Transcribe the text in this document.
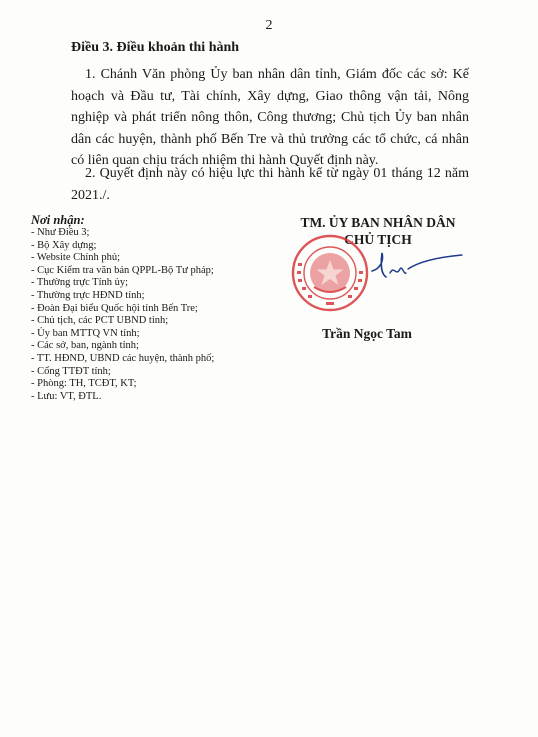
2
Điều 3. Điều khoản thi hành

1. Chánh Văn phòng Ủy ban nhân dân tỉnh, Giám đốc các sở: Kế hoạch và Đầu tư, Tài chính, Xây dựng, Giao thông vận tải, Nông nghiệp và phát triển nông thôn, Công thương; Chủ tịch Ủy ban nhân dân các huyện, thành phố Bến Tre và thủ trưởng các tổ chức, cá nhân có liên quan chịu trách nhiệm thi hành Quyết định này.

2. Quyết định này có hiệu lực thi hành kể từ ngày 01 tháng 12 năm 2021./.

Nơi nhận:
- Như Điều 3;
- Bộ Xây dựng;
- Website Chính phủ;
- Cục Kiểm tra văn bản QPPL-Bộ Tư pháp;
- Thường trực Tỉnh ủy;
- Thường trực HĐND tỉnh;
- Đoàn Đại biểu Quốc hội tỉnh Bến Tre;
- Chủ tịch, các PCT UBND tỉnh;
- Ủy ban MTTQ VN tỉnh;
- Các sở, ban, ngành tỉnh;
- TT. HĐND, UBND các huyện, thành phố;
- Cổng TTĐT tỉnh;
- Phòng: TH, TCĐT, KT;
- Lưu: VT, ĐTL.
TM. ỦY BAN NHÂN DÂN
CHỦ TỊCH
Trần Ngọc Tam
